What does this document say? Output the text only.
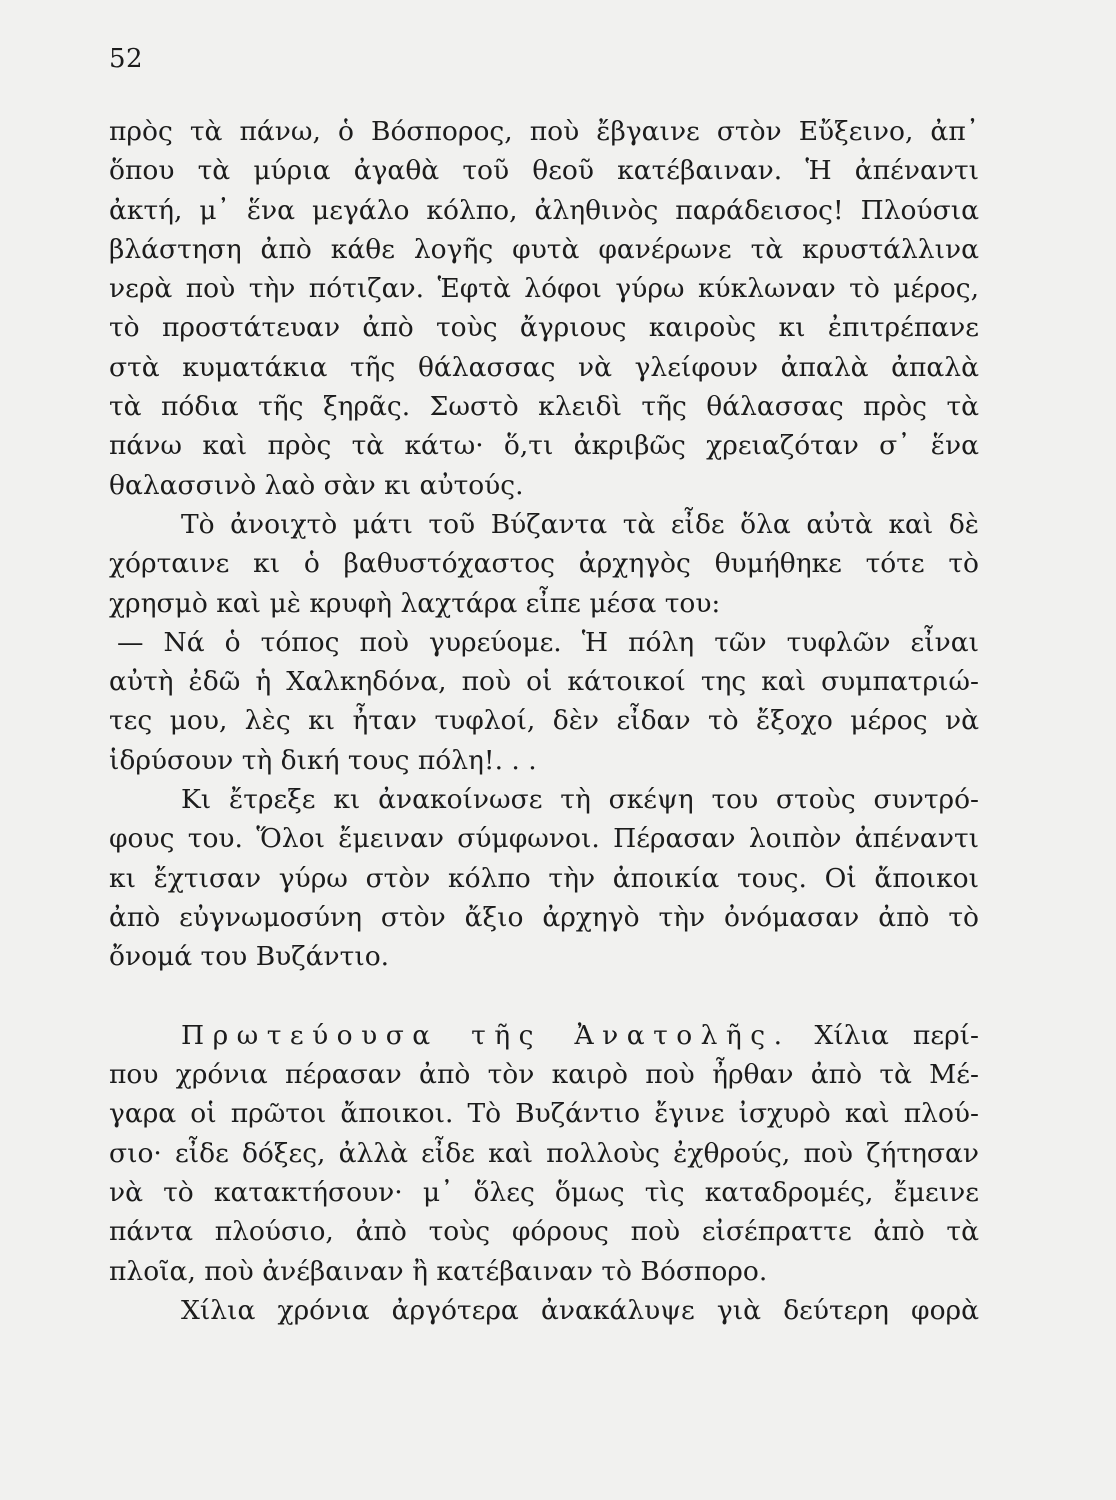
52
πρὸς τὰ πάνω, ὁ Βόσπορος, ποὺ ἔβγαινε στὸν Εὔξεινο, ἀπ᾽
ὅπου τὰ μύρια ἀγαθὰ τοῦ θεοῦ κατέβαιναν. Ἡ ἀπέναντι
ἀκτή, μ᾽ ἕνα μεγάλο κόλπο, ἀληθινὸς παράδεισος! Πλούσια
βλάστηση ἀπὸ κάθε λογῆς φυτὰ φανέρωνε τὰ κρυστάλλινα
νερὰ ποὺ τὴν πότιζαν. Ἑφτὰ λόφοι γύρω κύκλωναν τὸ μέρος,
τὸ προστάτευαν ἀπὸ τοὺς ἄγριους καιροὺς κι ἐπιτρέπανε
στὰ κυματάκια τῆς θάλασσας νὰ γλείφουν ἀπαλὰ ἀπαλὰ
τὰ πόδια τῆς ξηρᾶς. Σωστὸ κλειδὶ τῆς θάλασσας πρὸς τὰ
πάνω καὶ πρὸς τὰ κάτω· ὅ,τι ἀκριβῶς χρειαζόταν σ᾽ ἕνα
θαλασσινὸ λαὸ σὰν κι αὐτούς.
Τὸ ἀνοιχτὸ μάτι τοῦ Βύζαντα τὰ εἶδε ὅλα αὐτὰ καὶ δὲ
χόρταινε κι ὁ βαθυστόχαστος ἀρχηγὸς θυμήθηκε τότε τὸ
χρησμὸ καὶ μὲ κρυφὴ λαχτάρα εἶπε μέσα του:
— Νά ὁ τόπος ποὺ γυρεύομε. Ἡ πόλη τῶν τυφλῶν εἶναι
αὐτὴ ἐδῶ ἡ Χαλκηδόνα, ποὺ οἱ κάτοικοί της καὶ συμπατριώ-
τες μου, λὲς κι ἦταν τυφλοί, δὲν εἶδαν τὸ ἔξοχο μέρος νὰ
ἱδρύσουν τὴ δική τους πόλη!. . .
Κι ἔτρεξε κι ἀνακοίνωσε τὴ σκέψη του στοὺς συντρό-
φους του. Ὅλοι ἔμειναν σύμφωνοι. Πέρασαν λοιπὸν ἀπέναντι
κι ἔχτισαν γύρω στὸν κόλπο τὴν ἀποικία τους. Οἱ ἄποικοι
ἀπὸ εὐγνωμοσύνη στὸν ἄξιο ἀρχηγὸ τὴν ὀνόμασαν ἀπὸ τὸ
ὄνομά του Βυζάντιο.
Πρωτεύουσα τῆς Ἀνατολῆς. Χίλια περί-
που χρόνια πέρασαν ἀπὸ τὸν καιρὸ ποὺ ἦρθαν ἀπὸ τὰ Μέ-
γαρα οἱ πρῶτοι ἄποικοι. Τὸ Βυζάντιο ἔγινε ἰσχυρὸ καὶ πλού-
σιο· εἶδε δόξες, ἀλλὰ εἶδε καὶ πολλοὺς ἐχθρούς, ποὺ ζήτησαν
νὰ τὸ κατακτήσουν· μ᾽ ὅλες ὅμως τὶς καταδρομές, ἔμεινε
πάντα πλούσιο, ἀπὸ τοὺς φόρους ποὺ εἰσέπραττε ἀπὸ τὰ
πλοῖα, ποὺ ἀνέβαιναν ἢ κατέβαιναν τὸ Βόσπορο.
Χίλια χρόνια ἀργότερα ἀνακάλυψε γιὰ δεύτερη φορὰ
